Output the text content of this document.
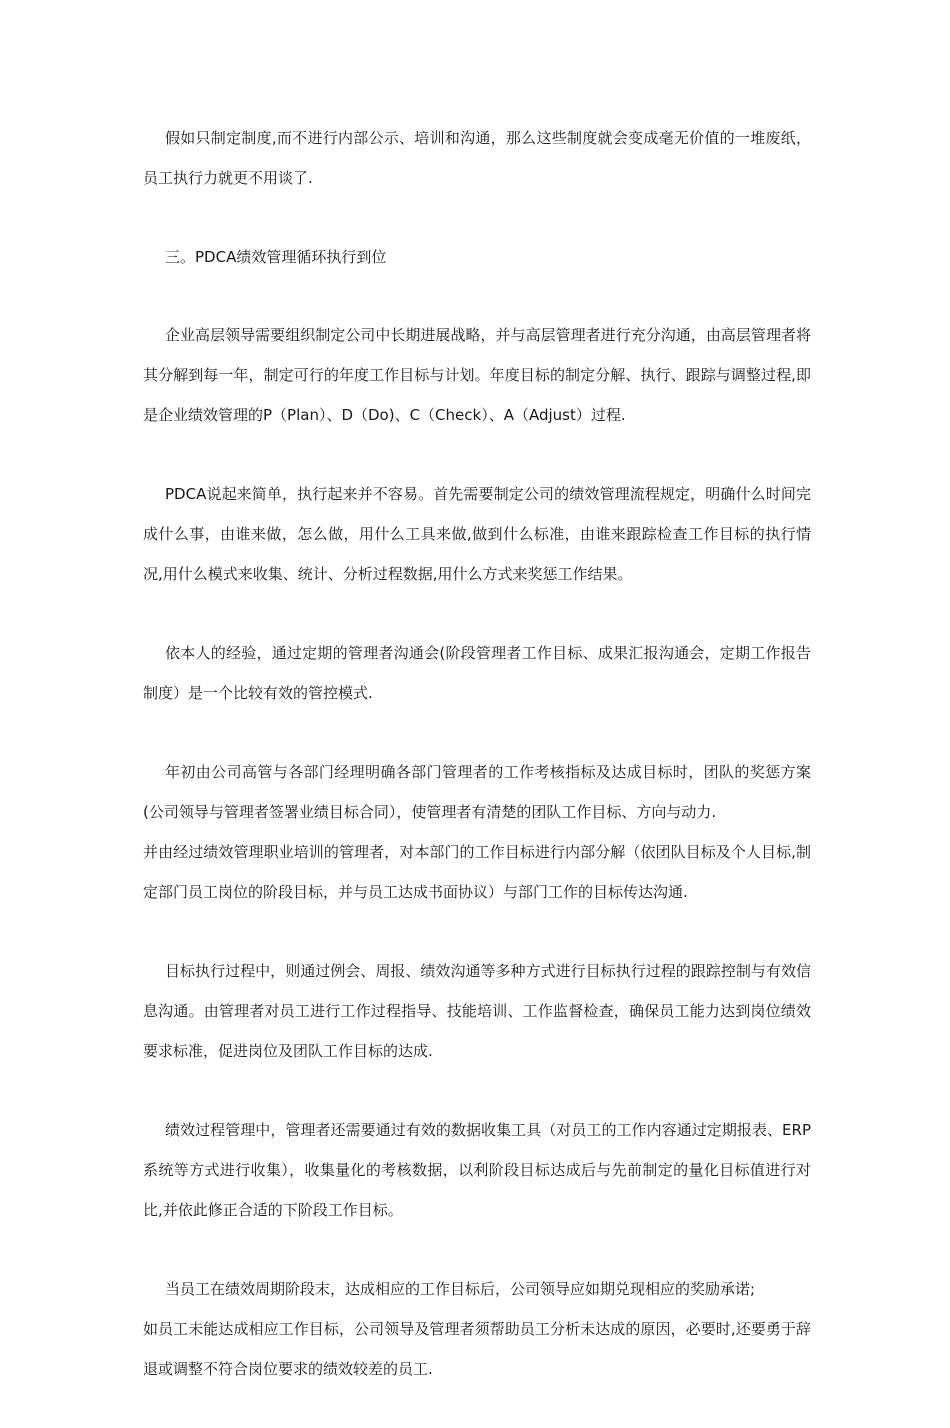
假如只制定制度,而不进行内部公示、培训和沟通，那么这些制度就会变成毫无价值的一堆废纸，员工执行力就更不用谈了.

三。PDCA绩效管理循环执行到位

企业高层领导需要组织制定公司中长期进展战略，并与高层管理者进行充分沟通，由高层管理者将其分解到每一年，制定可行的年度工作目标与计划。年度目标的制定分解、执行、跟踪与调整过程,即是企业绩效管理的P（Plan）、D（Do)、C（Check）、A（Adjust）过程.

PDCA说起来简单，执行起来并不容易。首先需要制定公司的绩效管理流程规定，明确什么时间完成什么事，由谁来做，怎么做，用什么工具来做,做到什么标准，由谁来跟踪检查工作目标的执行情况,用什么模式来收集、统计、分析过程数据,用什么方式来奖惩工作结果。

依本人的经验，通过定期的管理者沟通会(阶段管理者工作目标、成果汇报沟通会，定期工作报告制度）是一个比较有效的管控模式.

年初由公司高管与各部门经理明确各部门管理者的工作考核指标及达成目标时，团队的奖惩方案(公司领导与管理者签署业绩目标合同），使管理者有清楚的团队工作目标、方向与动力.

并由经过绩效管理职业培训的管理者，对本部门的工作目标进行内部分解（依团队目标及个人目标,制定部门员工岗位的阶段目标，并与员工达成书面协议）与部门工作的目标传达沟通.

目标执行过程中，则通过例会、周报、绩效沟通等多种方式进行目标执行过程的跟踪控制与有效信息沟通。由管理者对员工进行工作过程指导、技能培训、工作监督检查，确保员工能力达到岗位绩效要求标准，促进岗位及团队工作目标的达成.

绩效过程管理中，管理者还需要通过有效的数据收集工具（对员工的工作内容通过定期报表、ERP系统等方式进行收集），收集量化的考核数据，以利阶段目标达成后与先前制定的量化目标值进行对比,并依此修正合适的下阶段工作目标。

当员工在绩效周期阶段末，达成相应的工作目标后，公司领导应如期兑现相应的奖励承诺;

如员工未能达成相应工作目标，公司领导及管理者须帮助员工分析未达成的原因，必要时,还要勇于辞退或调整不符合岗位要求的绩效较差的员工.
